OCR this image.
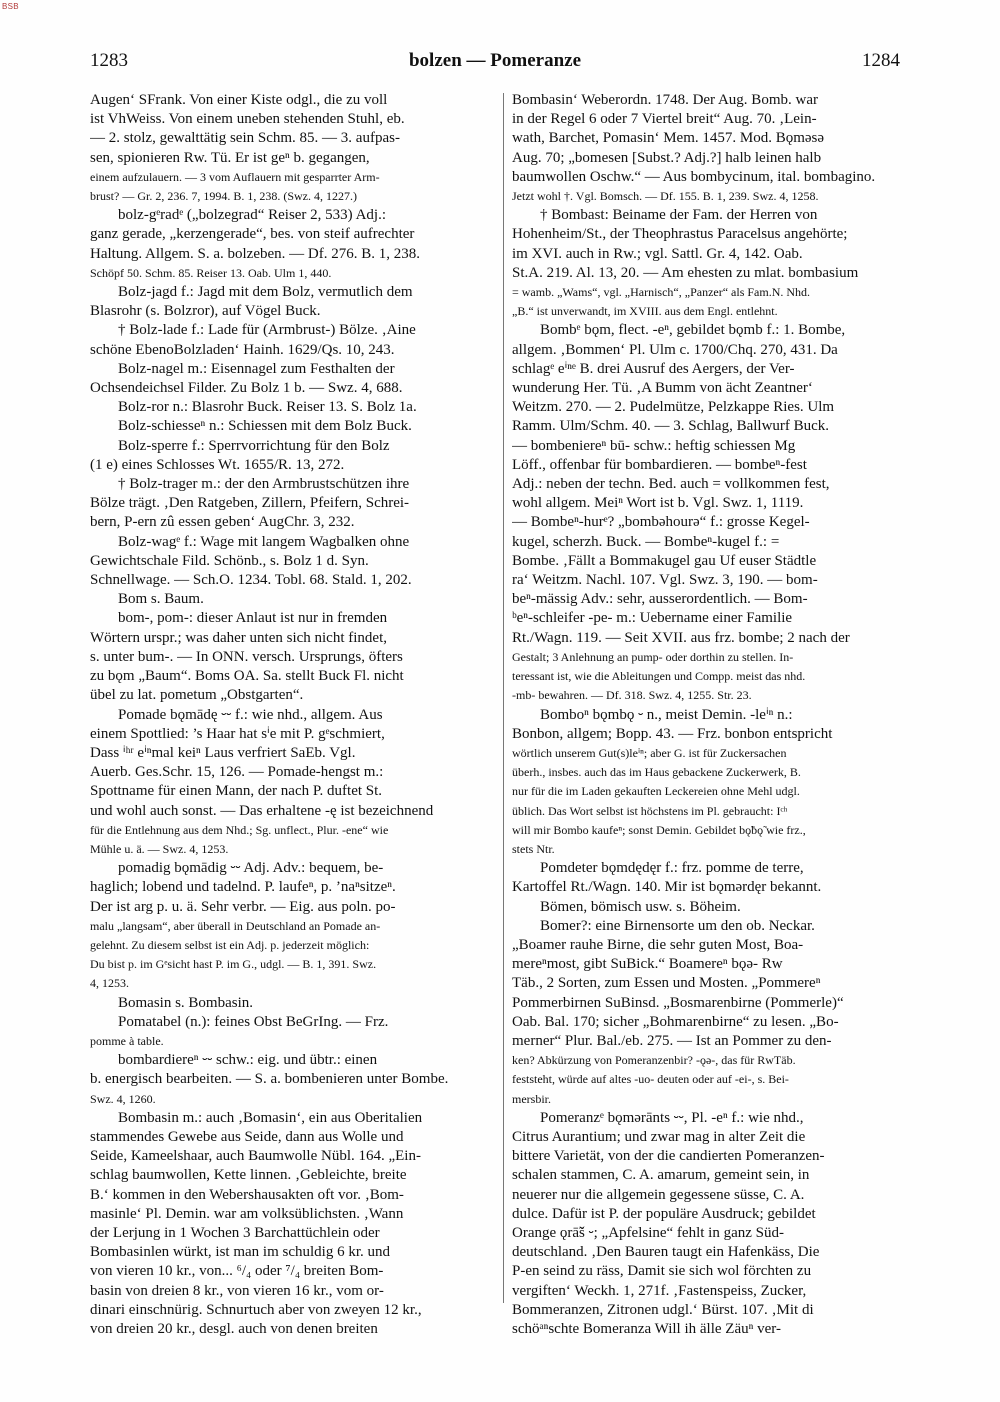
BSB
1283	bolzen — Pomeranze	1284

Augen‘ SFrank. Von einer Kiste odgl., die zu voll
ist VhWeiss. Von einem uneben stehenden Stuhl, eb.
— 2. stolz, gewalttätig sein Schm. 85. — 3. aufpas-
sen, spionieren Rw. Tü. Er ist geⁿ b. gegangen,
einem aufzulauern. — 3 vom Auflauern mit gesparrter Arm-
brust? — Gr. 2, 236. 7, 1994. B. 1, 238. (Swz. 4, 1227.)
bolz-gᵉradᵉ („bolzegrad“ Reiser 2, 533) Adj.:
ganz gerade, „kerzengerade“, bes. von steif aufrechter
Haltung. Allgem. S. a. bolzeben. — Df. 276. B. 1, 238.
Schöpf 50. Schm. 85. Reiser 13. Oab. Ulm 1, 440.
Bolz-jagd f.: Jagd mit dem Bolz, vermutlich dem
Blasrohr (s. Bolzror), auf Vögel Buck.
† Bolz-lade f.: Lade für (Armbrust-) Bölze. ‚Aine
schöne EbenoBolzladen‘ Hainh. 1629/Qs. 10, 243.
Bolz-nagel m.: Eisennagel zum Festhalten der
Ochsendeichsel Filder. Zu Bolz 1 b. — Swz. 4, 688.
Bolz-ror n.: Blasrohr Buck. Reiser 13. S. Bolz 1a.
Bolz-schiesseⁿ n.: Schiessen mit dem Bolz Buck.
Bolz-sperre f.: Sperrvorrichtung für den Bolz
(1 e) eines Schlosses Wt. 1655/R. 13, 272.
† Bolz-trager m.: der den Armbrustschützen ihre
Bölze trägt. ‚Den Ratgeben, Zillern, Pfeifern, Schrei-
bern, P-ern zû essen geben‘ AugChr. 3, 232.
Bolz-wagᵉ f.: Wage mit langem Wagbalken ohne
Gewichtschale Fild. Schönb., s. Bolz 1 d. Syn.
Schnellwage. — Sch.O. 1234. Tobl. 68. Stald. 1, 202.
Bom s. Baum.
bom-, pom-: dieser Anlaut ist nur in fremden
Wörtern urspr.; was daher unten sich nicht findet,
s. unter bum-. — In ONN. versch. Ursprungs, öfters
zu bǫm „Baum“. Boms OA. Sa. stellt Buck Fl. nicht
übel zu lat. pometum „Obstgarten“.
Pomade bǫmādę ⏑⏑ f.: wie nhd., allgem. Aus
einem Spottlied: ’s Haar hat sⁱe mit P. gᵉschmiert,
Dass ⁱʰʳ eⁱⁿmal keiⁿ Laus verfriert SaEb. Vgl.
Auerb. Ges.Schr. 15, 126. — Pomade-hengst m.:
Spottname für einen Mann, der nach P. duftet St.
und wohl auch sonst. — Das erhaltene -ę ist bezeichnend
für die Entlehnung aus dem Nhd.; Sg. unflect., Plur. -ene“ wie
Mühle u. ä. — Swz. 4, 1253.
pomadig bǫmādig ⏑⏑ Adj. Adv.: bequem, be-
haglich; lobend und tadelnd. P. laufeⁿ, p. ’naⁿsitzeⁿ.
Der ist arg p. u. ä. Sehr verbr. — Eig. aus poln. po-
malu „langsam“, aber überall in Deutschland an Pomade an-
gelehnt. Zu diesem selbst ist ein Adj. p. jederzeit möglich:
Du bist p. im Gᵉsicht hast P. im G., udgl. — B. 1, 391. Swz.
4, 1253.
Bomasin s. Bombasin.
Pomatabel (n.): feines Obst BeGrIng. — Frz.
pomme à table.
bombardiereⁿ ⏑⏑ schw.: eig. und übtr.: einen
b. energisch bearbeiten. — S. a. bombenieren unter Bombe.
Swz. 4, 1260.
Bombasin m.: auch ‚Bomasin‘, ein aus Oberitalien
stammendes Gewebe aus Seide, dann aus Wolle und
Seide, Kameelshaar, auch Baumwolle Nübl. 164. „Ein-
schlag baumwollen, Kette linnen. ‚Gebleichte, breite
B.‘ kommen in den Webershausakten oft vor. ‚Bom-
masinle‘ Pl. Demin. war am volksüblichsten. ‚Wann
der Lerjung in 1 Wochen 3 Barchattüchlein oder
Bombasinlen würkt, ist man im schuldig 6 kr. und
von vieren 10 kr., von... ⁶/₄ oder ⁷/₄ breiten Bom-
basin von dreien 8 kr., von vieren 16 kr., vom or-
dinari einschnürig. Schnurtuch aber von zweyen 12 kr.,
von dreien 20 kr., desgl. auch von denen breiten

Bombasin‘ Weberordn. 1748. Der Aug. Bomb. war
in der Regel 6 oder 7 Viertel breit“ Aug. 70. ‚Lein-
wath, Barchet, Pomasin‘ Mem. 1457. Mod. Bǫməsə
Aug. 70; „bomesen [Subst.? Adj.?] halb leinen halb
baumwollen Oschw.“ — Aus bombycinum, ital. bombagino.
Jetzt wohl †. Vgl. Bomsch. — Df. 155. B. 1, 239. Swz. 4, 1258.
† Bombast: Beiname der Fam. der Herren von
Hohenheim/St., der Theophrastus Paracelsus angehörte;
im XVI. auch in Rw.; vgl. Sattl. Gr. 4, 142. Oab.
St.A. 219. Al. 13, 20. — Am ehesten zu mlat. bombasium
= wamb. „Wams“, vgl. „Harnisch“, „Panzer“ als Fam.N. Nhd.
„B.“ ist unverwandt, im XVIII. aus dem Engl. entlehnt.
Bombᵉ bǫm, flect. -eⁿ, gebildet bǫmb f.: 1. Bombe,
allgem. ‚Bommen‘ Pl. Ulm c. 1700/Chq. 270, 431. Da
schlagᵉ eⁱⁿᵉ B. drei Ausruf des Aergers, der Ver-
wunderung Her. Tü. ‚A Bumm von ächt Zeantner‘
Weitzm. 270. — 2. Pudelmütze, Pelzkappe Ries. Ulm
Ramm. Ulm/Schm. 40. — 3. Schlag, Ballwurf Buck.
— bombeniereⁿ bū- schw.: heftig schiessen Mg
Löff., offenbar für bombardieren. — bombeⁿ-fest
Adj.: neben der techn. Bed. auch = vollkommen fest,
wohl allgem. Meiⁿ Wort ist b. Vgl. Swz. 1, 1119.
— Bombeⁿ-hurᵉ? „bombǝhourǝ“ f.: grosse Kegel-
kugel, scherzh. Buck. — Bombeⁿ-kugel f.: =
Bombe. ‚Fällt a Bommakugel gau Uf euser Städtle
ra‘ Weitzm. Nachl. 107. Vgl. Swz. 3, 190. — bom-
beⁿ-mässig Adv.: sehr, ausserordentlich. — Bom-
ᵇeⁿ-schleifer -pe- m.: Uebername einer Familie
Rt./Wagn. 119. — Seit XVII. aus frz. bombe; 2 nach der
Gestalt; 3 Anlehnung an pump- oder dorthin zu stellen. In-
teressant ist, wie die Ableitungen und Compp. meist das nhd.
-mb- bewahren. — Df. 318. Swz. 4, 1255. Str. 23.
Bomboⁿ bǫmbǫ ⏑ n., meist Demin. -leⁱⁿ n.:
Bonbon, allgem; Bopp. 43. — Frz. bonbon entspricht
wörtlich unserem Gut(s)leⁱⁿ; aber G. ist für Zuckersachen
überh., insbes. auch das im Haus gebackene Zuckerwerk, B.
nur für die im Laden gekauften Leckereien ohne Mehl udgl.
üblich. Das Wort selbst ist höchstens im Pl. gebraucht: Iᶜʰ
will mir Bombo kaufeⁿ; sonst Demin. Gebildet bǫ̃bǫ̃ wie frz.,
stets Ntr.
Pomdeter bǫmdędęr f.: frz. pomme de terre,
Kartoffel Rt./Wagn. 140. Mir ist bǫmərdęr bekannt.
Bömen, bömisch usw. s. Böheim.
Bomer?: eine Birnensorte um den ob. Neckar.
„Boamer rauhe Birne, die sehr guten Most, Boa-
mereⁿmost, gibt SuBick.“ Boamereⁿ bǫə- Rw
Täb., 2 Sorten, zum Essen und Mosten. „Pommereⁿ
Pommerbirnen SuBinsd. „Bosmarenbirne (Pommerle)“
Oab. Bal. 170; sicher „Bohmarenbirne“ zu lesen. „Bo-
merner“ Plur. Bal./eb. 275. — Ist an Pommer zu den-
ken? Abkürzung von Pomeranzenbir? -ǫə-, das für RwTäb.
feststeht, würde auf altes -uo- deuten oder auf -ei-, s. Bei-
mersbir.
Pomeranzᵉ bǫmərānts ⏑⏑, Pl. -eⁿ f.: wie nhd.,
Citrus Aurantium; und zwar mag in alter Zeit die
bittere Varietät, von der die candierten Pomeranzen-
schalen stammen, C. A. amarum, gemeint sein, in
neuerer nur die allgemein gegessene süsse, C. A.
dulce. Dafür ist P. der populäre Ausdruck; gebildet
Orange ǫrā̃š ⏑; „Apfelsine“ fehlt in ganz Süd-
deutschland. ‚Den Bauren taugt ein Hafenkäss, Die
P-en seind zu räss, Damit sie sich wol förchten zu
vergiften‘ Weckh. 1, 271f. ‚Fastenspeiss, Zucker,
Bommeranzen, Zitronen udgl.‘ Bürst. 107. ‚Mit di
schöᵃⁿschte Bomeranza Will ih älle Zäuⁿ ver-
